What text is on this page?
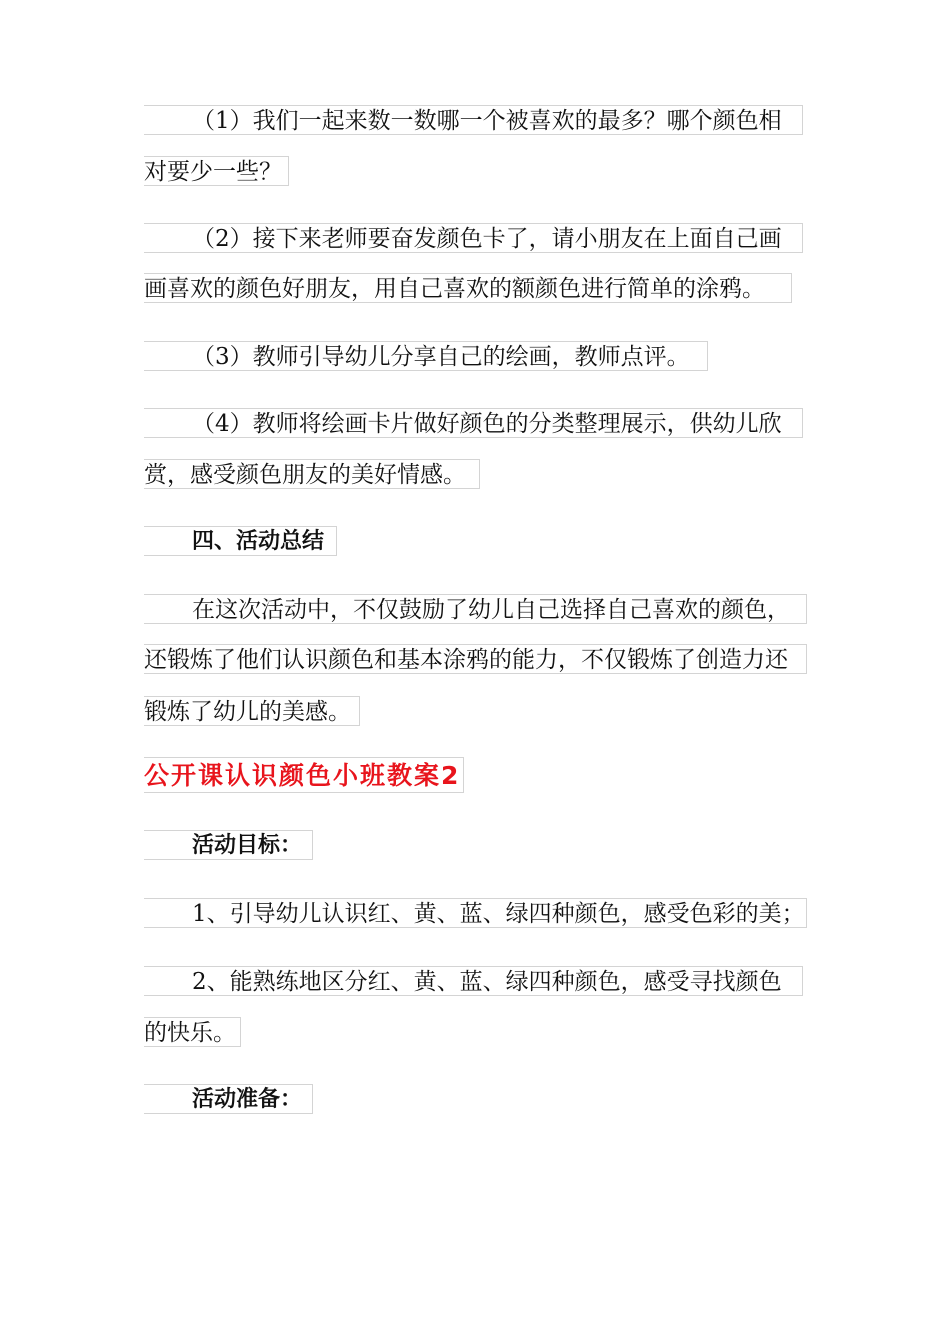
（1）我们一起来数一数哪一个被喜欢的最多？哪个颜色相
对要少一些？
（2）接下来老师要奋发颜色卡了，请小朋友在上面自己画
画喜欢的颜色好朋友，用自己喜欢的额颜色进行简单的涂鸦。
（3）教师引导幼儿分享自己的绘画，教师点评。
（4）教师将绘画卡片做好颜色的分类整理展示，供幼儿欣
赏，感受颜色朋友的美好情感。
四、活动总结
在这次活动中，不仅鼓励了幼儿自己选择自己喜欢的颜色，
还锻炼了他们认识颜色和基本涂鸦的能力，不仅锻炼了创造力还
锻炼了幼儿的美感。
公开课认识颜色小班教案2
活动目标：
1、引导幼儿认识红、黄、蓝、绿四种颜色，感受色彩的美；
2、能熟练地区分红、黄、蓝、绿四种颜色，感受寻找颜色
的快乐。
活动准备：
